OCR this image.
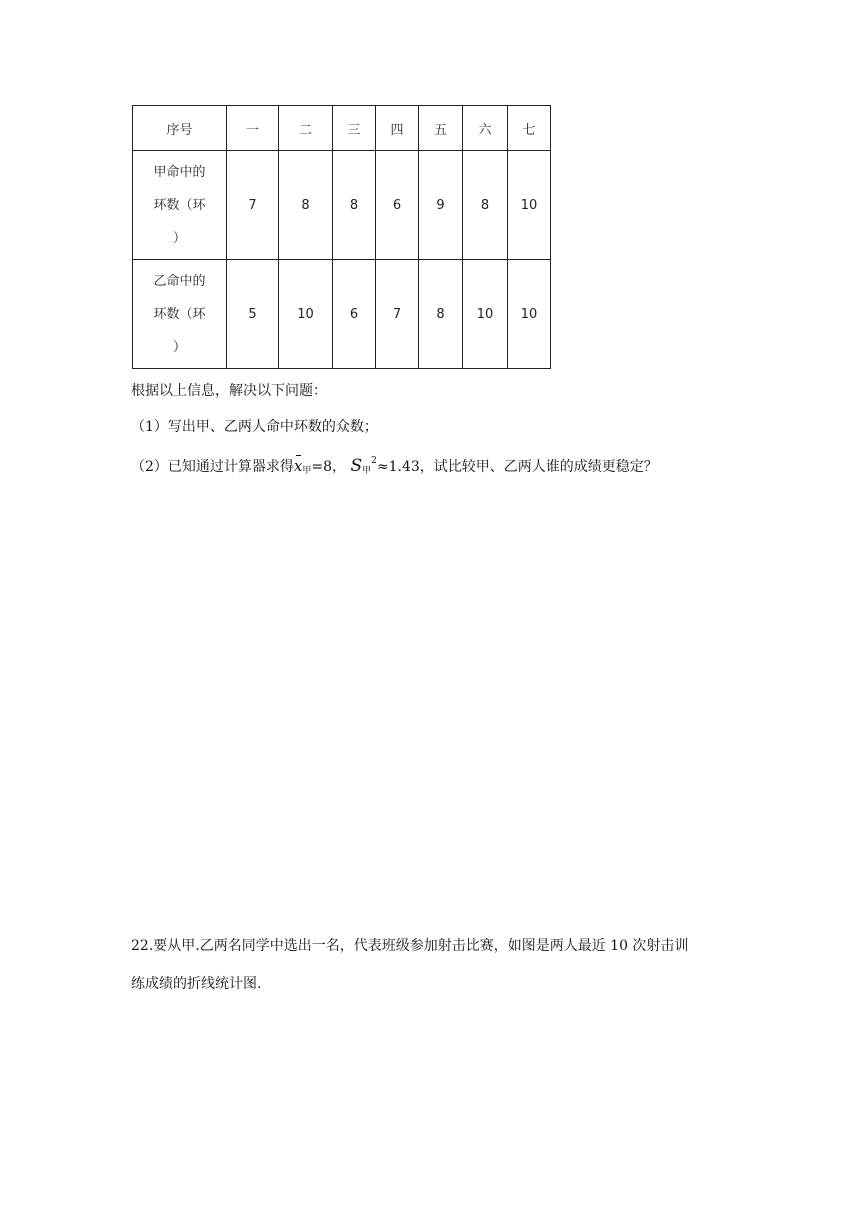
序号	一	二	三	四	五	六	七

甲命中的
环数（环
）	7	8	8	6	9	8	10

乙命中的
环数（环
）	5	10	6	7	8	10	10

根据以上信息，解决以下问题：

（1）写出甲、乙两人命中环数的众数；

（2）已知通过计算器求得
$x_甲=8$， $S_甲^2\approx 1.43$，试比较甲、乙两人谁的成绩更稳定？

22.要从甲.乙两名同学中选出一名，代表班级参加射击比赛，如图是两人最近 10 次射击训

练成绩的折线统计图.
